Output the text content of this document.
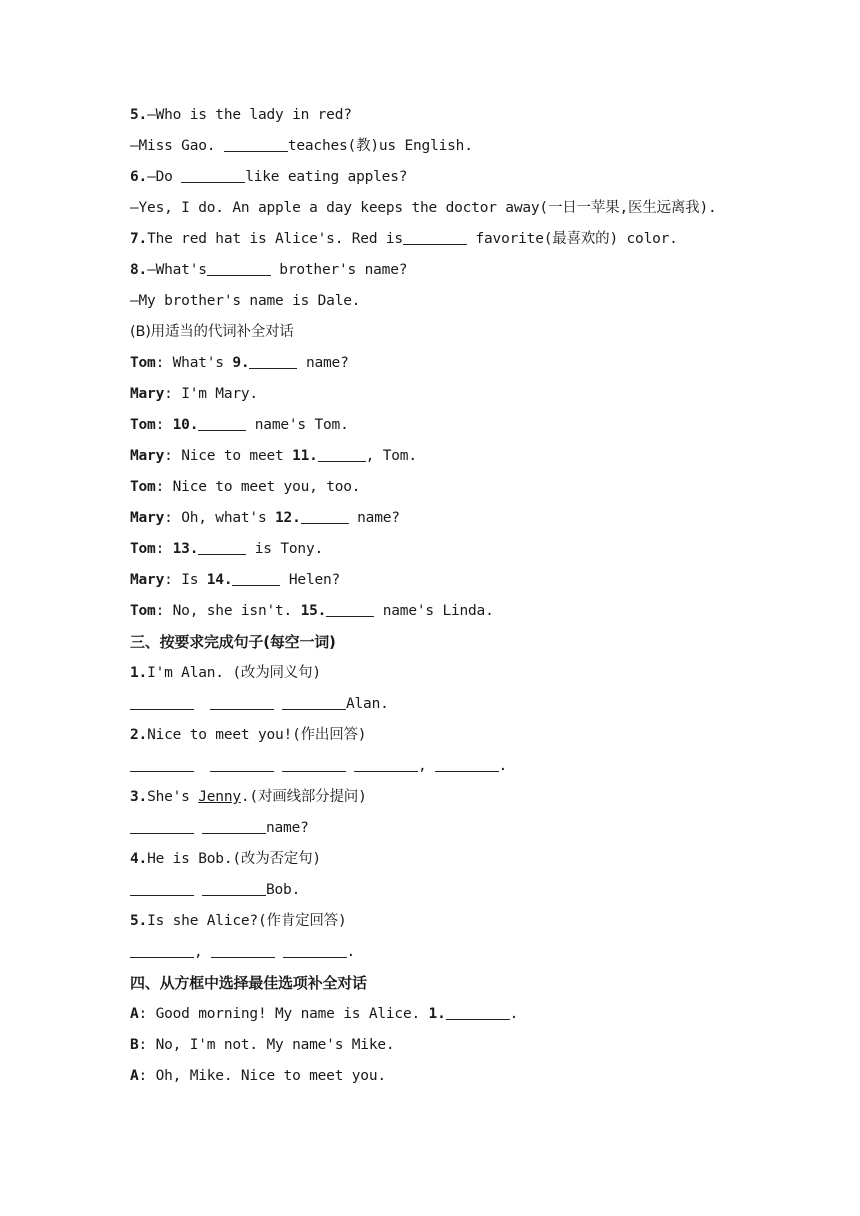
5.—Who is the lady in red?
—Miss Gao.	teaches(教)us English.
6.—Do	like eating apples?
—Yes, I do. An apple a day keeps the doctor away(一日一苹果,医生远离我).
7.The red hat is Alice's. Red is	favorite(最喜欢的) color.
8.—What's	brother's name?
—My brother's name is Dale.
(B)用适当的代词补全对话
Tom: What's 9.	name?
Mary: I'm Mary.
Tom: 10.	name's Tom.
Mary: Nice to meet 11.	, Tom.
Tom: Nice to meet you, too.
Mary: Oh, what's 12.	name?
Tom: 13.	is Tony.
Mary: Is 14.	Helen?
Tom: No, she isn't. 15.	name's Linda.
三、按要求完成句子(每空一词)
1.I'm Alan. (改为同义句)
Alan.
2.Nice to meet you!(作出回答)
,	.
3.She's Jenny.(对画线部分提问)
name?
4.He is Bob.(改为否定句)
Bob.
5.Is she Alice?(作肯定回答)
,	.
四、从方框中选择最佳选项补全对话
A: Good morning! My name is Alice. 1.	.
B: No, I'm not. My name's Mike.
A: Oh, Mike. Nice to meet you.
